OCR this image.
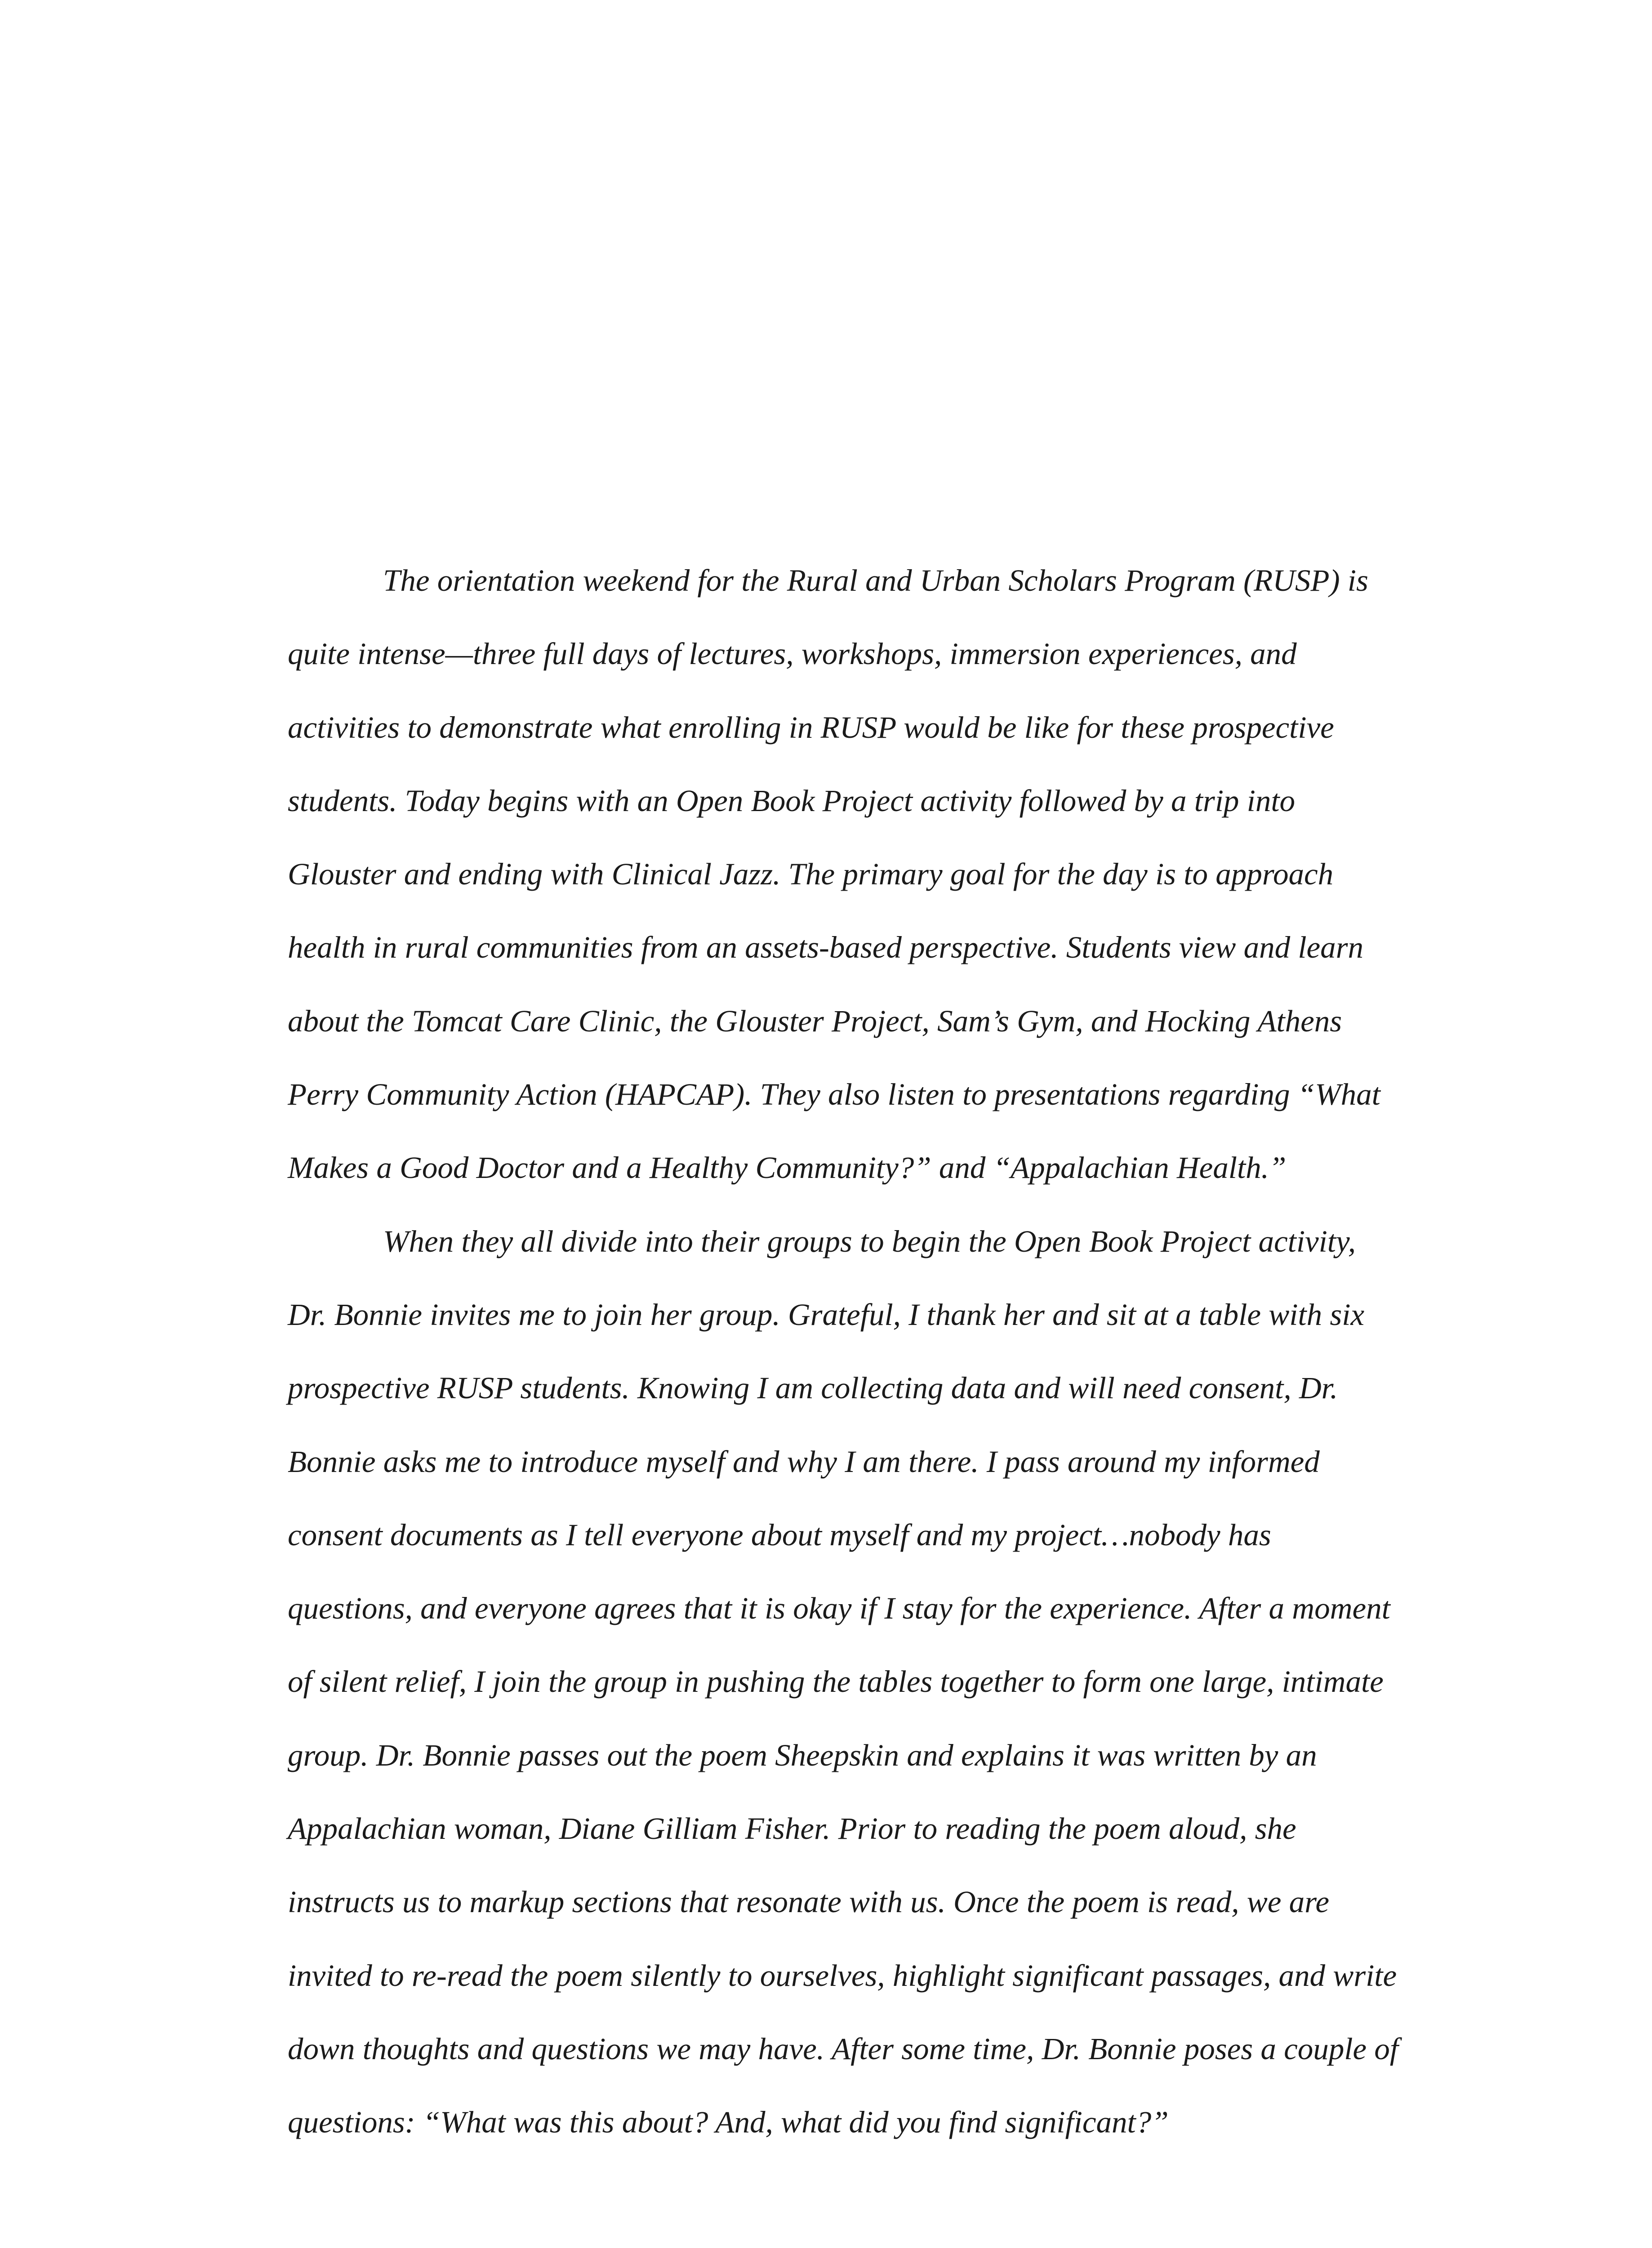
The orientation weekend for the Rural and Urban Scholars Program (RUSP) is
quite intense—three full days of lectures, workshops, immersion experiences, and
activities to demonstrate what enrolling in RUSP would be like for these prospective
students. Today begins with an Open Book Project activity followed by a trip into
Glouster and ending with Clinical Jazz. The primary goal for the day is to approach
health in rural communities from an assets-based perspective. Students view and learn
about the Tomcat Care Clinic, the Glouster Project, Sam’s Gym, and Hocking Athens
Perry Community Action (HAPCAP). They also listen to presentations regarding “What
Makes a Good Doctor and a Healthy Community?” and “Appalachian Health.”
When they all divide into their groups to begin the Open Book Project activity,
Dr. Bonnie invites me to join her group. Grateful, I thank her and sit at a table with six
prospective RUSP students. Knowing I am collecting data and will need consent, Dr.
Bonnie asks me to introduce myself and why I am there. I pass around my informed
consent documents as I tell everyone about myself and my project…nobody has
questions, and everyone agrees that it is okay if I stay for the experience. After a moment
of silent relief, I join the group in pushing the tables together to form one large, intimate
group. Dr. Bonnie passes out the poem Sheepskin and explains it was written by an
Appalachian woman, Diane Gilliam Fisher. Prior to reading the poem aloud, she
instructs us to markup sections that resonate with us. Once the poem is read, we are
invited to re-read the poem silently to ourselves, highlight significant passages, and write
down thoughts and questions we may have. After some time, Dr. Bonnie poses a couple of
questions: “What was this about? And, what did you find significant?”
